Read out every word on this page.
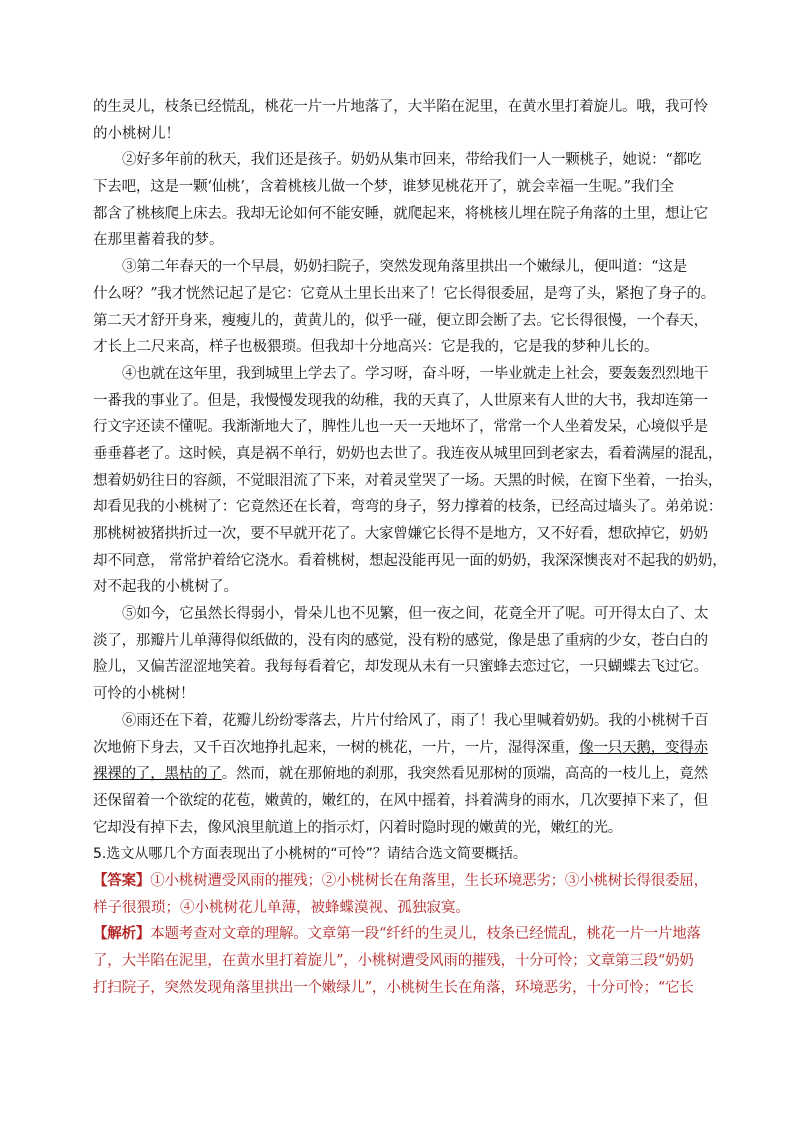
的生灵儿，枝条已经慌乱，桃花一片一片地落了，大半陷在泥里，在黄水里打着旋儿。哦，我可怜
的小桃树儿！
②好多年前的秋天，我们还是孩子。奶奶从集市回来，带给我们一人一颗桃子，她说：“都吃
下去吧，这是一颗‘仙桃’，含着桃核儿做一个梦，谁梦见桃花开了，就会幸福一生呢。”我们全
都含了桃核爬上床去。我却无论如何不能安睡，就爬起来，将桃核儿埋在院子角落的土里，想让它
在那里蓄着我的梦。
③第二年春天的一个早晨，奶奶扫院子，突然发现角落里拱出一个嫩绿儿，便叫道：“这是
什么呀？”我才恍然记起了是它：它竟从土里长出来了！它长得很委屈，是弯了头，紧抱了身子的。
第二天才舒开身来，瘦瘦儿的，黄黄儿的，似乎一碰，便立即会断了去。它长得很慢，一个春天，
才长上二尺来高，样子也极猥琐。但我却十分地高兴：它是我的，它是我的梦种儿长的。
④也就在这年里，我到城里上学去了。学习呀，奋斗呀，一毕业就走上社会，要轰轰烈烈地干
一番我的事业了。但是，我慢慢发现我的幼稚，我的天真了，人世原来有人世的大书，我却连第一
行文字还读不懂呢。我渐渐地大了，脾性儿也一天一天地坏了，常常一个人坐着发呆，心境似乎是
垂垂暮老了。这时候，真是祸不单行，奶奶也去世了。我连夜从城里回到老家去，看着满屋的混乱，
想着奶奶往日的容颜，不觉眼泪流了下来，对着灵堂哭了一场。天黑的时候，在窗下坐着，一抬头，
却看见我的小桃树了：它竟然还在长着，弯弯的身子，努力撑着的枝条，已经高过墙头了。弟弟说：
那桃树被猪拱折过一次，要不早就开花了。大家曾嫌它长得不是地方，又不好看，想砍掉它，奶奶
却不同意， 常常护着给它浇水。看着桃树，想起没能再见一面的奶奶，我深深懊丧对不起我的奶奶，
对不起我的小桃树了。
⑤如今，它虽然长得弱小，骨朵儿也不见繁，但一夜之间，花竟全开了呢。可开得太白了、太
淡了，那瓣片儿单薄得似纸做的，没有肉的感觉，没有粉的感觉，像是患了重病的少女，苍白白的
脸儿，又偏苦涩涩地笑着。我每每看着它，却发现从未有一只蜜蜂去恋过它，一只蝴蝶去飞过它。
可怜的小桃树！
⑥雨还在下着，花瓣儿纷纷零落去，片片付给风了，雨了！我心里喊着奶奶。我的小桃树千百
次地俯下身去，又千百次地挣扎起来，一树的桃花，一片，一片，湿得深重，像一只天鹅，变得赤
裸裸的了，黑枯的了。然而，就在那俯地的刹那，我突然看见那树的顶端，高高的一枝儿上，竟然
还保留着一个欲绽的花苞，嫩黄的，嫩红的，在风中摇着，抖着满身的雨水，几次要掉下来了，但
它却没有掉下去，像风浪里航道上的指示灯，闪着时隐时现的嫩黄的光，嫩红的光。
5.选文从哪几个方面表现出了小桃树的“可怜”？请结合选文简要概括。
【答案】①小桃树遭受风雨的摧残；②小桃树长在角落里，生长环境恶劣；③小桃树长得很委屈，
样子很猥琐；④小桃树花儿单薄，被蜂蝶漠视、孤独寂寞。
【解析】本题考查对文章的理解。文章第一段“纤纤的生灵儿，枝条已经慌乱，桃花一片一片地落
了，大半陷在泥里，在黄水里打着旋儿”，小桃树遭受风雨的摧残，十分可怜；文章第三段“奶奶
打扫院子，突然发现角落里拱出一个嫩绿儿”，小桃树生长在角落，环境恶劣，十分可怜；“它长
